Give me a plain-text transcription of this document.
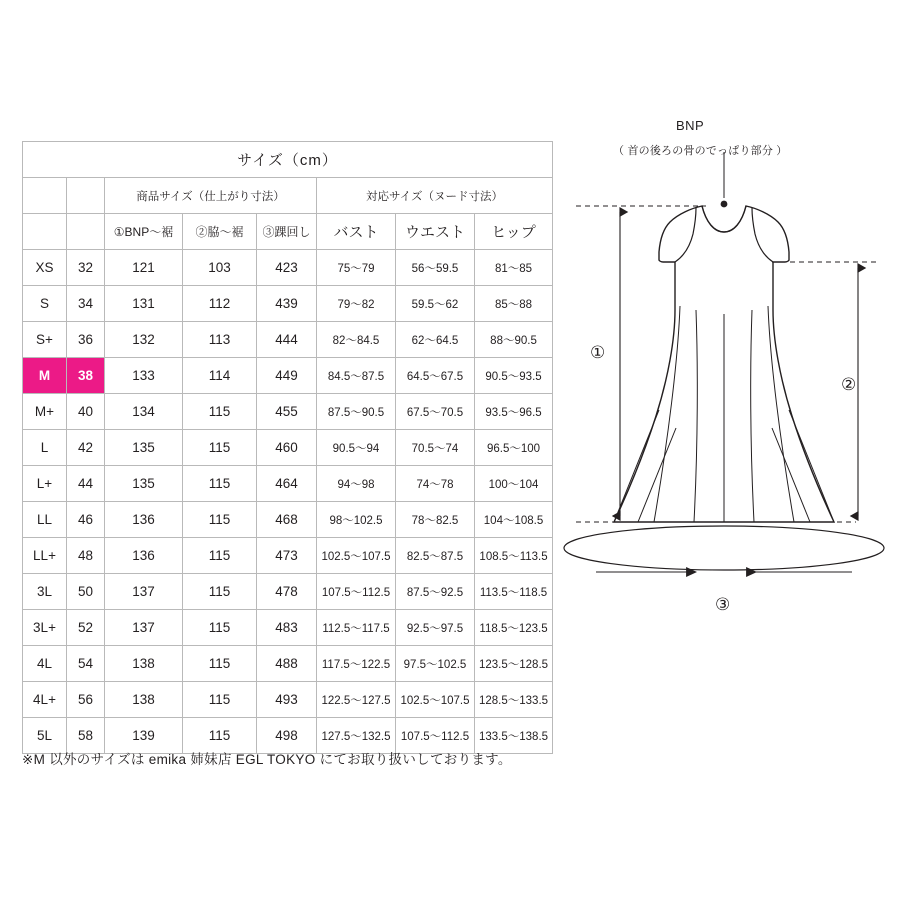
サイズ（cm）							
		商品サイズ（仕上がり寸法）			対応サイズ（ヌード寸法）		
		①BNP〜裾	②脇〜裾	③踝回し	バスト	ウエスト	ヒップ
XS	32	121	103	423	75〜79	56〜59.5	81〜85
S	34	131	112	439	79〜82	59.5〜62	85〜88
S+	36	132	113	444	82〜84.5	62〜64.5	88〜90.5
M	38	133	114	449	84.5〜87.5	64.5〜67.5	90.5〜93.5
M+	40	134	115	455	87.5〜90.5	67.5〜70.5	93.5〜96.5
L	42	135	115	460	90.5〜94	70.5〜74	96.5〜100
L+	44	135	115	464	94〜98	74〜78	100〜104
LL	46	136	115	468	98〜102.5	78〜82.5	104〜108.5
LL+	48	136	115	473	102.5〜107.5	82.5〜87.5	108.5〜113.5
3L	50	137	115	478	107.5〜112.5	87.5〜92.5	113.5〜118.5
3L+	52	137	115	483	112.5〜117.5	92.5〜97.5	118.5〜123.5
4L	54	138	115	488	117.5〜122.5	97.5〜102.5	123.5〜128.5
4L+	56	138	115	493	122.5〜127.5	102.5〜107.5	128.5〜133.5
5L	58	139	115	498	127.5〜132.5	107.5〜112.5	133.5〜138.5
※M 以外のサイズは emika 姉妹店 EGL TOKYO にてお取り扱いしております。
BNP
（ 首の後ろの骨のでっぱり部分 ）
①
②
③
